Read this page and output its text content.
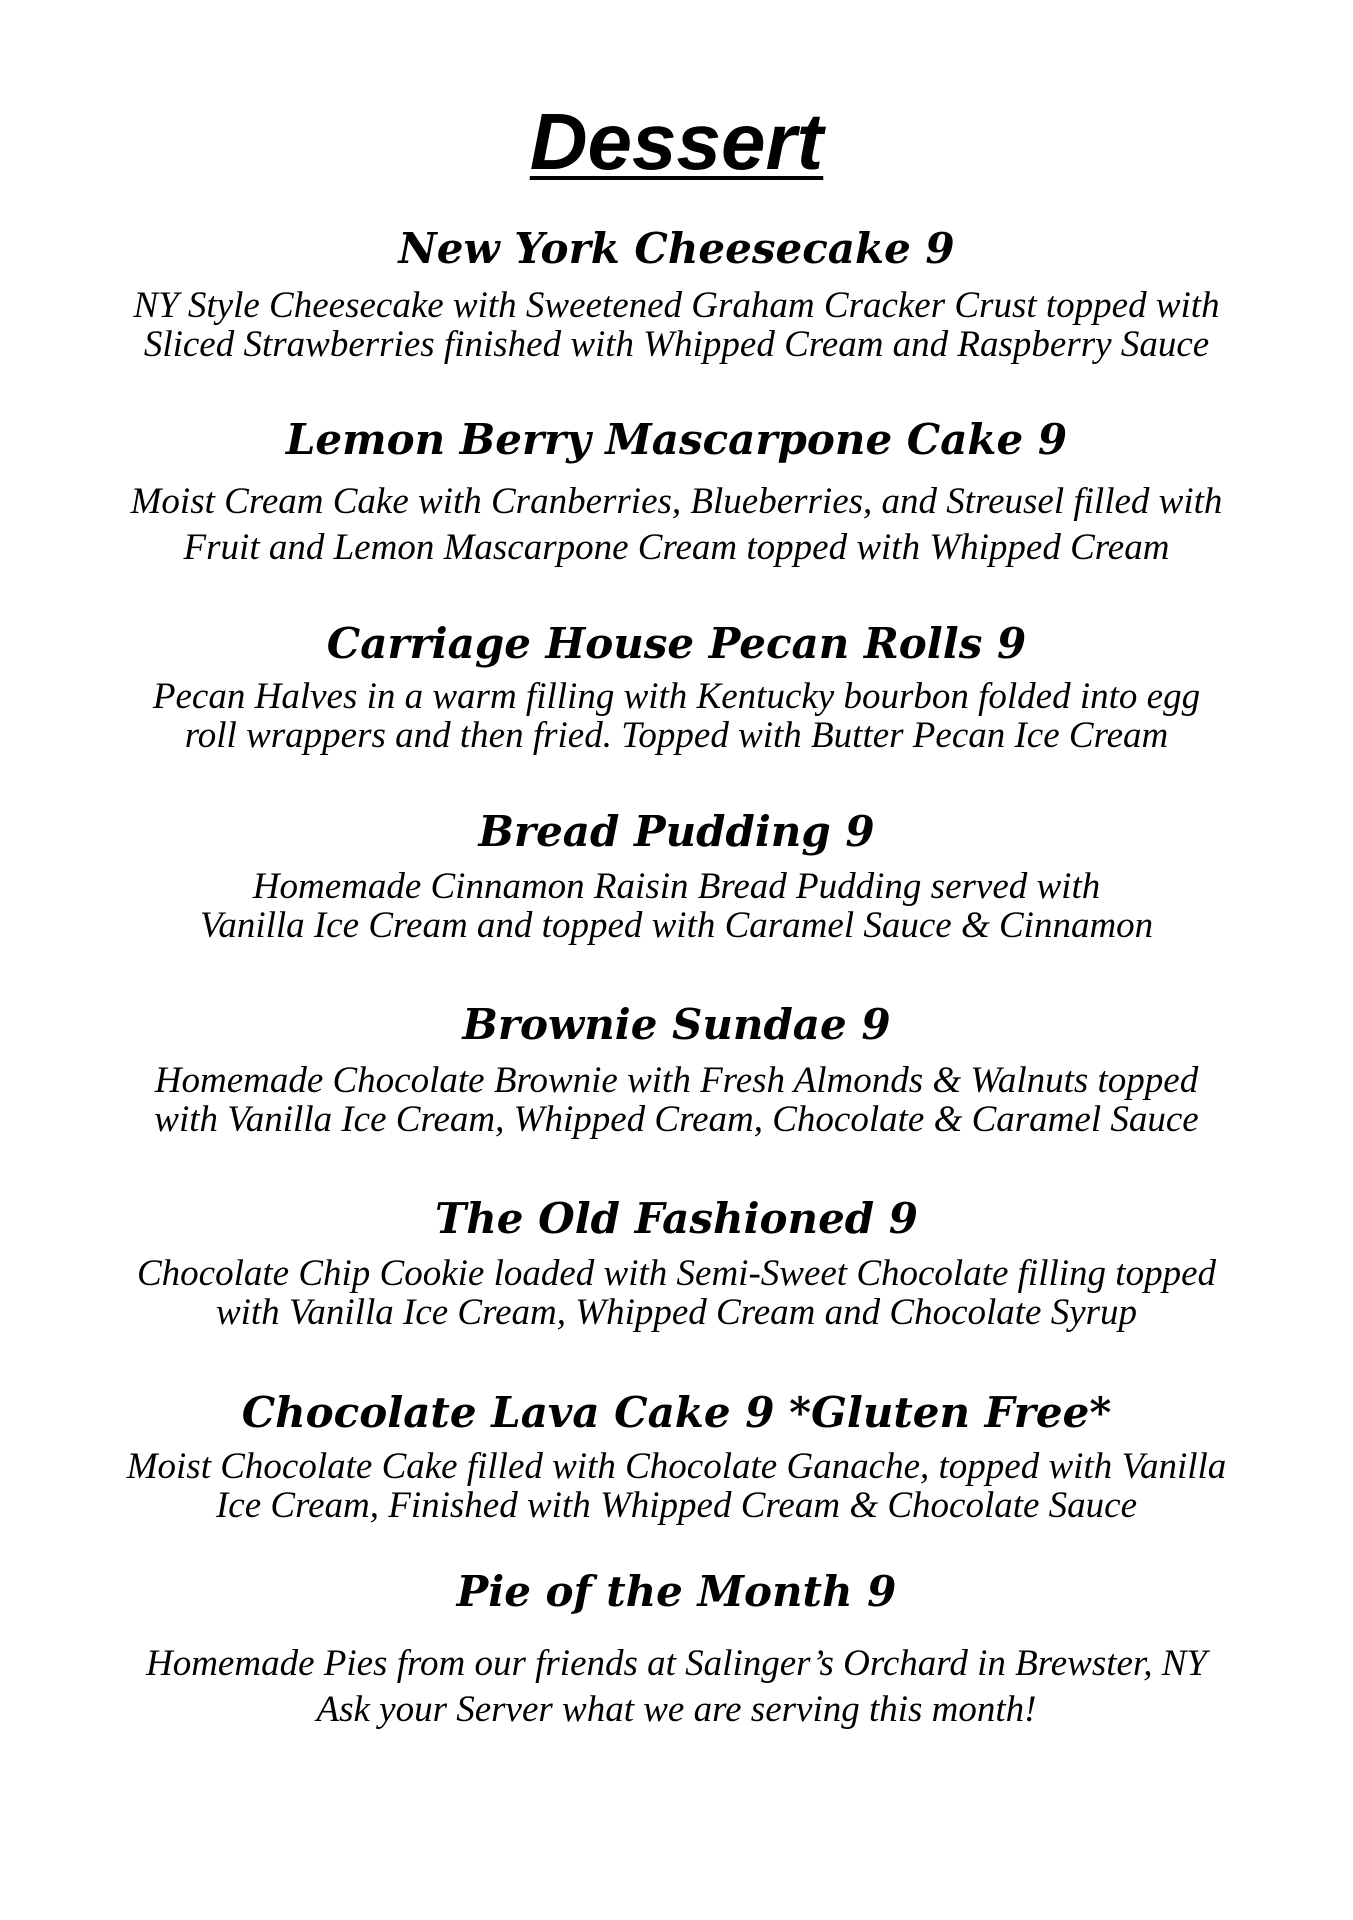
Dessert
New York Cheesecake 9
NY Style Cheesecake with Sweetened Graham Cracker Crust topped with
Sliced Strawberries finished with Whipped Cream and Raspberry Sauce
Lemon Berry Mascarpone Cake 9
Moist Cream Cake with Cranberries, Blueberries, and Streusel filled with
Fruit and Lemon Mascarpone Cream topped with Whipped Cream
Carriage House Pecan Rolls 9
Pecan Halves in a warm filling with Kentucky bourbon folded into egg
roll wrappers and then fried. Topped with Butter Pecan Ice Cream
Bread Pudding 9
Homemade Cinnamon Raisin Bread Pudding served with
Vanilla Ice Cream and topped with Caramel Sauce & Cinnamon
Brownie Sundae 9
Homemade Chocolate Brownie with Fresh Almonds & Walnuts topped
with Vanilla Ice Cream, Whipped Cream, Chocolate & Caramel Sauce
The Old Fashioned 9
Chocolate Chip Cookie loaded with Semi-Sweet Chocolate filling topped
with Vanilla Ice Cream, Whipped Cream and Chocolate Syrup
Chocolate Lava Cake 9 *Gluten Free*
Moist Chocolate Cake filled with Chocolate Ganache, topped with Vanilla
Ice Cream, Finished with Whipped Cream & Chocolate Sauce
Pie of the Month 9
Homemade Pies from our friends at Salinger’s Orchard in Brewster, NY
Ask your Server what we are serving this month!
